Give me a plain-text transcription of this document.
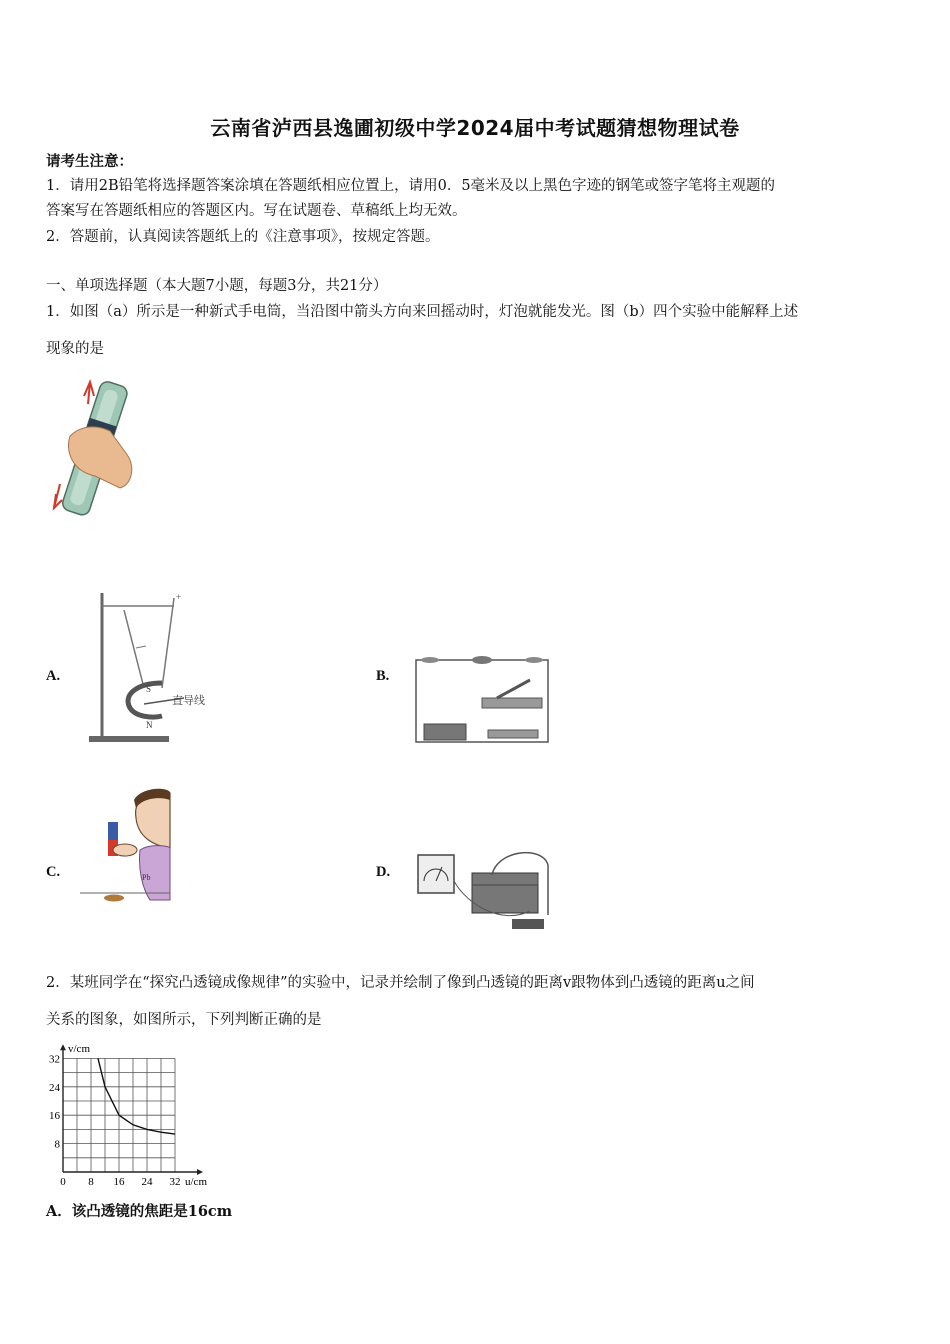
云南省泸西县逸圃初级中学2024届中考试题猜想物理试卷
请考生注意：
1．请用2B铅笔将选择题答案涂填在答题纸相应位置上，请用0．5毫米及以上黑色字迹的钢笔或签字笔将主观题的
答案写在答题纸相应的答题区内。写在试题卷、草稿纸上均无效。
2．答题前，认真阅读答题纸上的《注意事项》，按规定答题。
一、单项选择题（本大题7小题，每题3分，共21分）
1．如图（a）所示是一种新式手电筒，当沿图中箭头方向来回摇动时，灯泡就能发光。图（b）四个实验中能解释上述
现象的是
A.
S
N
直导线
+
B.
C.	Pb	D.
2．某班同学在“探究凸透镜成像规律”的实验中，记录并绘制了像到凸透镜的距离v跟物体到凸透镜的距离u之间
关系的图象，如图所示，下列判断正确的是
0 8 16 24 32
8
16
24
32
u/cm
v/cm
A．该凸透镜的焦距是16cm
